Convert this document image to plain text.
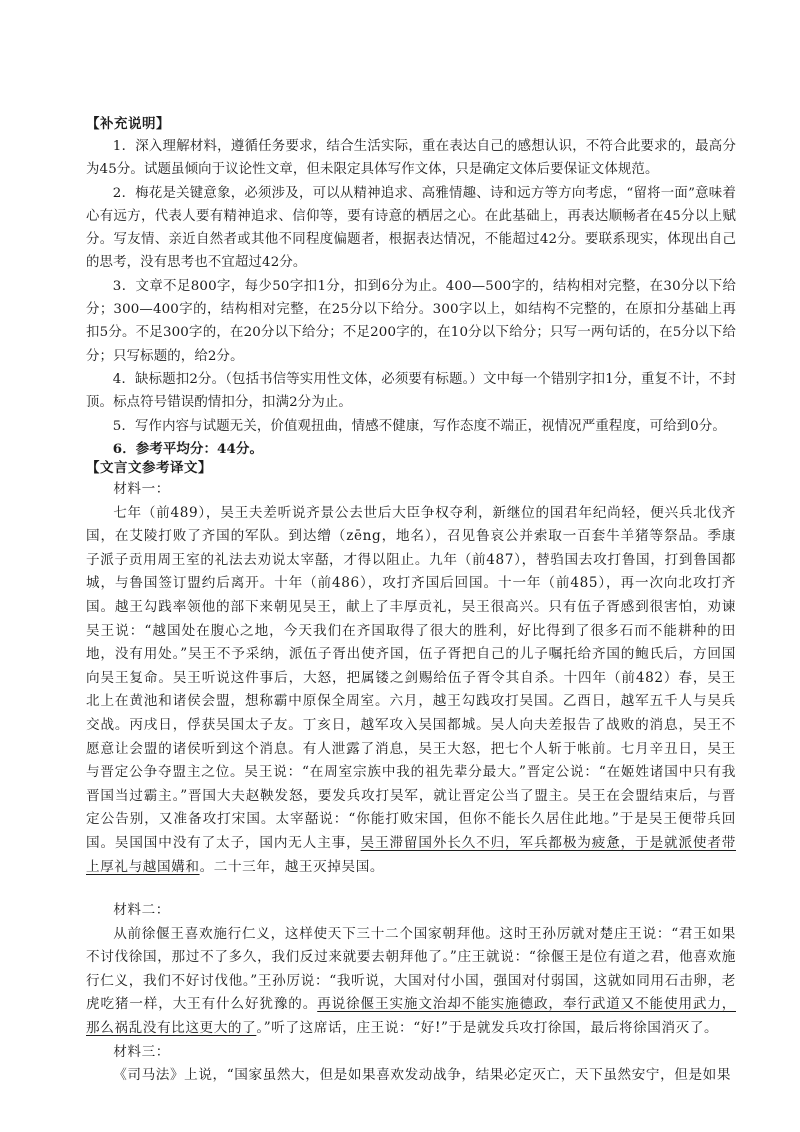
【补充说明】

1．深入理解材料，遵循任务要求，结合生活实际，重在表达自己的感想认识，不符合此要求的，最高分为45分。试题虽倾向于议论性文章，但未限定具体写作文体，只是确定文体后要保证文体规范。

2．梅花是关键意象，必须涉及，可以从精神追求、高雅情趣、诗和远方等方向考虑，“留将一面”意味着心有远方，代表人要有精神追求、信仰等，要有诗意的栖居之心。在此基础上，再表达顺畅者在45分以上赋分。写友情、亲近自然者或其他不同程度偏题者，根据表达情况，不能超过42分。要联系现实，体现出自己的思考，没有思考也不宜超过42分。

3．文章不足800字，每少50字扣1分，扣到6分为止。400—500字的，结构相对完整，在30分以下给分；300—400字的，结构相对完整，在25分以下给分。300字以上，如结构不完整的，在原扣分基础上再扣5分。不足300字的，在20分以下给分；不足200字的，在10分以下给分；只写一两句话的，在5分以下给分；只写标题的，给2分。

4．缺标题扣2分。（包括书信等实用性文体，必须要有标题。）文中每一个错别字扣1分，重复不计，不封顶。标点符号错误酌情扣分，扣满2分为止。

5．写作内容与试题无关，价值观扭曲，情感不健康，写作态度不端正，视情况严重程度，可给到0分。

6．参考平均分：44分。

【文言文参考译文】

材料一：

七年（前489），吴王夫差听说齐景公去世后大臣争权夺利，新继位的国君年纪尚轻，便兴兵北伐齐国，在艾陵打败了齐国的军队。到达缯（zēng，地名），召见鲁哀公并索取一百套牛羊猪等祭品。季康子派子贡用周王室的礼法去劝说太宰嚭，才得以阻止。九年（前487），替驺国去攻打鲁国，打到鲁国都城，与鲁国签订盟约后离开。十年（前486），攻打齐国后回国。十一年（前485），再一次向北攻打齐国。越王勾践率领他的部下来朝见吴王，献上了丰厚贡礼，吴王很高兴。只有伍子胥感到很害怕，劝谏吴王说：“越国处在腹心之地，今天我们在齐国取得了很大的胜利，好比得到了很多石而不能耕种的田地，没有用处。”吴王不予采纳，派伍子胥出使齐国，伍子胥把自己的儿子嘱托给齐国的鲍氏后，方回国向吴王复命。吴王听说这件事后，大怒，把属镂之剑赐给伍子胥令其自杀。十四年（前482）春，吴王北上在黄池和诸侯会盟，想称霸中原保全周室。六月，越王勾践攻打吴国。乙酉日，越军五千人与吴兵交战。丙戌日，俘获吴国太子友。丁亥日，越军攻入吴国都城。吴人向夫差报告了战败的消息，吴王不愿意让会盟的诸侯听到这个消息。有人泄露了消息，吴王大怒，把七个人斩于帐前。七月辛丑日，吴王与晋定公争夺盟主之位。吴王说：“在周室宗族中我的祖先辈分最大。”晋定公说：“在姬姓诸国中只有我晋国当过霸主。”晋国大夫赵鞅发怒，要发兵攻打吴军，就让晋定公当了盟主。吴王在会盟结束后，与晋定公告别，又准备攻打宋国。太宰嚭说：“你能打败宋国，但你不能长久居住此地。”于是吴王便带兵回国。吴国国中没有了太子，国内无人主事，吴王滞留国外长久不归，军兵都极为疲惫，于是就派使者带上厚礼与越国媾和。二十三年，越王灭掉吴国。

材料二：

从前徐偃王喜欢施行仁义，这样使天下三十二个国家朝拜他。这时王孙厉就对楚庄王说：“君王如果不讨伐徐国，那过不了多久，我们反过来就要去朝拜他了。”庄王就说：“徐偃王是位有道之君，他喜欢施行仁义，我们不好讨伐他。”王孙厉说：“我听说，大国对付小国，强国对付弱国，这就如同用石击卵，老虎吃猪一样，大王有什么好犹豫的。再说徐偃王实施文治却不能实施德政，奉行武道又不能使用武力，那么祸乱没有比这更大的了。”听了这席话，庄王说：“好!”于是就发兵攻打徐国，最后将徐国消灭了。

材料三：

《司马法》上说，“国家虽然大，但是如果喜欢发动战争，结果必定灭亡，天下虽然安宁，但是如果
